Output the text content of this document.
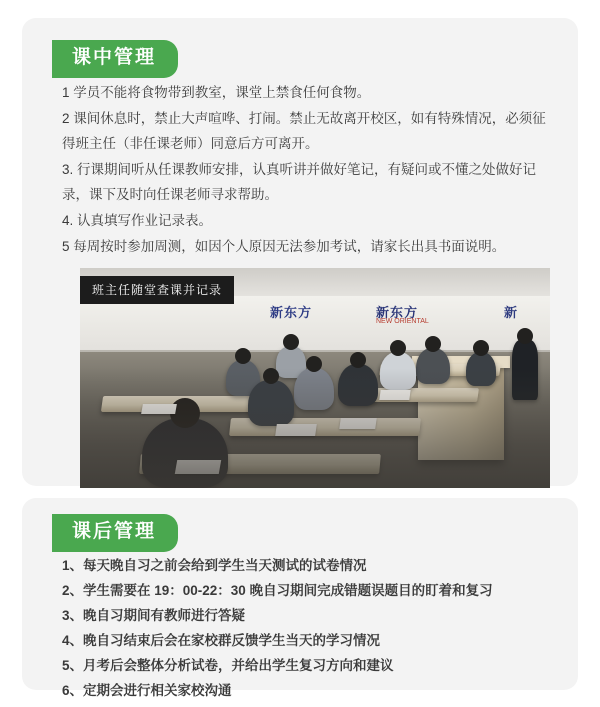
课中管理

1 学员不能将食物带到教室，课堂上禁食任何食物。

2 课间休息时，禁止大声喧哗、打闹。禁止无故离开校区，如有特殊情况，必须征得班主任（非任课老师）同意后方可离开。

3. 行课期间听从任课教师安排，认真听讲并做好笔记，有疑问或不懂之处做好记录，课下及时向任课老师寻求帮助。

4. 认真填写作业记录表。

5 每周按时参加周测，如因个人原因无法参加考试，请家长出具书面说明。

新东方	新东方
NEW ORIENTAL
新
班主任随堂查课并记录
课后管理

1、每天晚自习之前会给到学生当天测试的试卷情况

2、学生需要在 19：00-22：30 晚自习期间完成错题误题目的盯着和复习

3、晚自习期间有教师进行答疑

4、晚自习结束后会在家校群反馈学生当天的学习情况

5、月考后会整体分析试卷，并给出学生复习方向和建议

6、定期会进行相关家校沟通
